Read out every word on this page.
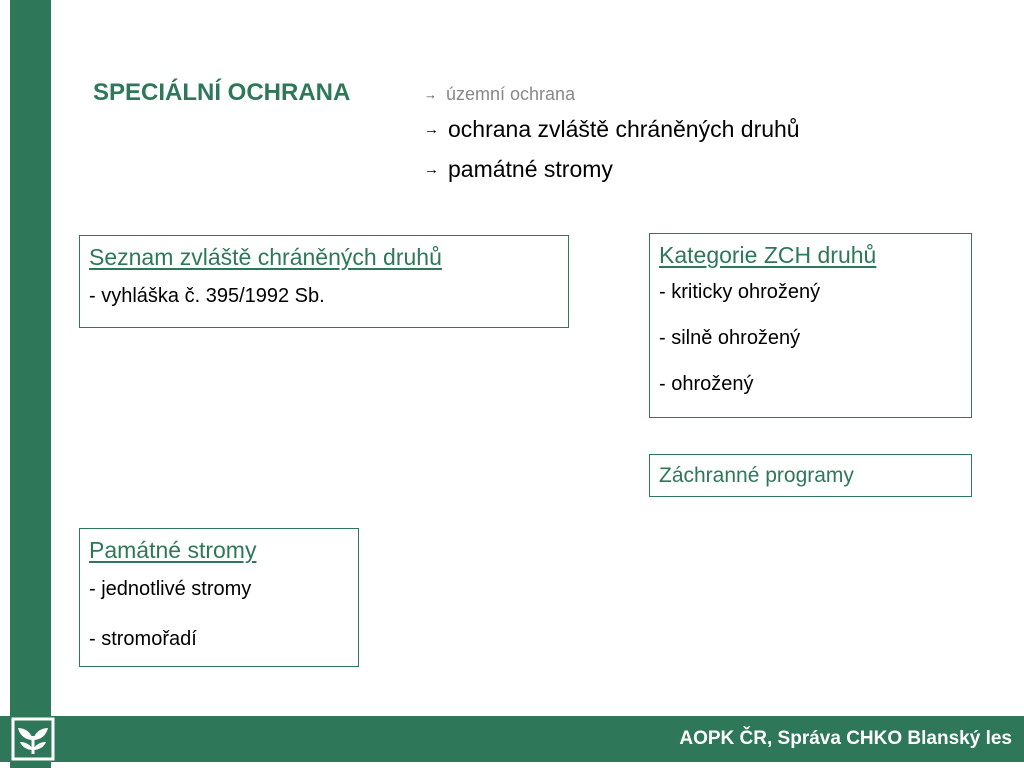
SPECIÁLNÍ OCHRANA	→ územní ochrana
→ ochrana zvláště chráněných druhů
→ památné stromy
Seznam zvláště chráněných druhů
- vyhláška č. 395/1992 Sb.
Kategorie ZCH druhů
- kriticky ohrožený
- silně ohrožený
- ohrožený
Záchranné programy
Památné stromy
- jednotlivé stromy
- stromořadí
AOPK ČR, Správa CHKO Blanský les
